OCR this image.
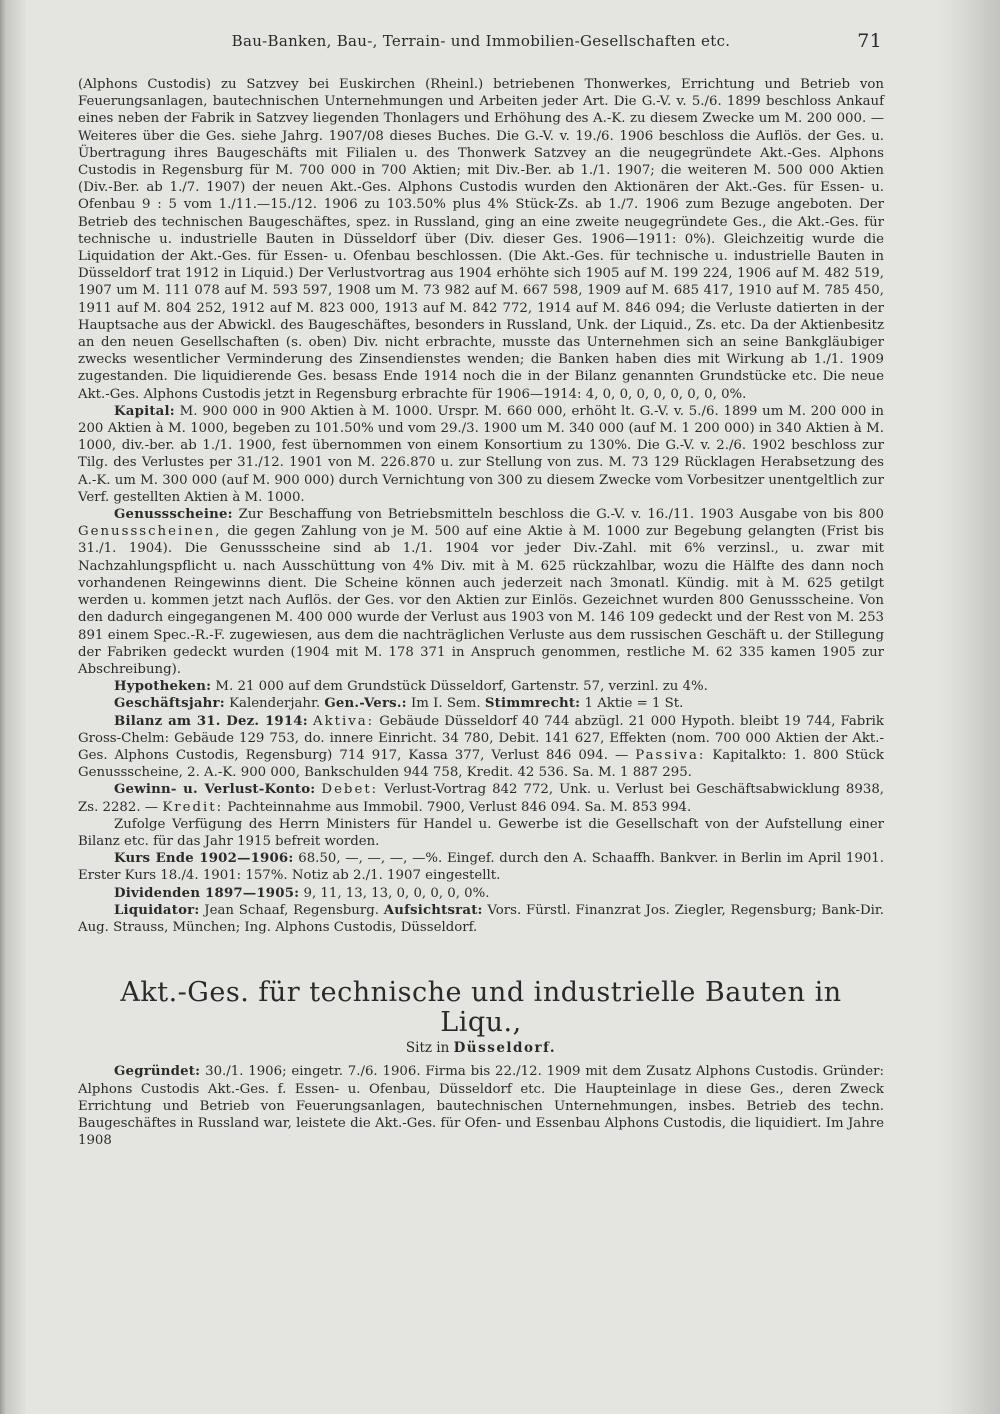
Bau-Banken, Bau-, Terrain- und Immobilien-Gesellschaften etc.	71

(Alphons Custodis) zu Satzvey bei Euskirchen (Rheinl.) betriebenen Thonwerkes, Errichtung und Betrieb von Feuerungsanlagen, bautechnischen Unternehmungen und Arbeiten jeder Art. Die G.-V. v. 5./6. 1899 beschloss Ankauf eines neben der Fabrik in Satzvey liegenden Thonlagers und Erhöhung des A.-K. zu diesem Zwecke um M. 200 000. — Weiteres über die Ges. siehe Jahrg. 1907/08 dieses Buches. Die G.-V. v. 19./6. 1906 beschloss die Auflös. der Ges. u. Übertragung ihres Baugeschäfts mit Filialen u. des Thonwerk Satzvey an die neugegründete Akt.-Ges. Alphons Custodis in Regensburg für M. 700 000 in 700 Aktien; mit Div.-Ber. ab 1./1. 1907; die weiteren M. 500 000 Aktien (Div.-Ber. ab 1./7. 1907) der neuen Akt.-Ges. Alphons Custodis wurden den Aktionären der Akt.-Ges. für Essen- u. Ofenbau 9 : 5 vom 1./11.—15./12. 1906 zu 103.50% plus 4% Stück-Zs. ab 1./7. 1906 zum Bezuge angeboten. Der Betrieb des technischen Baugeschäftes, spez. in Russland, ging an eine zweite neugegründete Ges., die Akt.-Ges. für technische u. industrielle Bauten in Düsseldorf über (Div. dieser Ges. 1906—1911: 0%). Gleichzeitig wurde die Liquidation der Akt.-Ges. für Essen- u. Ofenbau beschlossen. (Die Akt.-Ges. für technische u. industrielle Bauten in Düsseldorf trat 1912 in Liquid.) Der Verlustvortrag aus 1904 erhöhte sich 1905 auf M. 199 224, 1906 auf M. 482 519, 1907 um M. 111 078 auf M. 593 597, 1908 um M. 73 982 auf M. 667 598, 1909 auf M. 685 417, 1910 auf M. 785 450, 1911 auf M. 804 252, 1912 auf M. 823 000, 1913 auf M. 842 772, 1914 auf M. 846 094; die Verluste datierten in der Hauptsache aus der Abwickl. des Baugeschäftes, besonders in Russland, Unk. der Liquid., Zs. etc. Da der Aktienbesitz an den neuen Gesellschaften (s. oben) Div. nicht erbrachte, musste das Unternehmen sich an seine Bankgläubiger zwecks wesentlicher Verminderung des Zinsendienstes wenden; die Banken haben dies mit Wirkung ab 1./1. 1909 zugestanden. Die liquidierende Ges. besass Ende 1914 noch die in der Bilanz genannten Grundstücke etc. Die neue Akt.-Ges. Alphons Custodis jetzt in Regensburg erbrachte für 1906—1914: 4, 0, 0, 0, 0, 0, 0, 0, 0%.

Kapital: M. 900 000 in 900 Aktien à M. 1000. Urspr. M. 660 000, erhöht lt. G.-V. v. 5./6. 1899 um M. 200 000 in 200 Aktien à M. 1000, begeben zu 101.50% und vom 29./3. 1900 um M. 340 000 (auf M. 1 200 000) in 340 Aktien à M. 1000, div.-ber. ab 1./1. 1900, fest übernommen von einem Konsortium zu 130%. Die G.-V. v. 2./6. 1902 beschloss zur Tilg. des Verlustes per 31./12. 1901 von M. 226.870 u. zur Stellung von zus. M. 73 129 Rücklagen Herabsetzung des A.-K. um M. 300 000 (auf M. 900 000) durch Vernichtung von 300 zu diesem Zwecke vom Vorbesitzer unentgeltlich zur Verf. gestellten Aktien à M. 1000.

Genussscheine: Zur Beschaffung von Betriebsmitteln beschloss die G.-V. v. 16./11. 1903 Ausgabe von bis 800 Genussscheinen, die gegen Zahlung von je M. 500 auf eine Aktie à M. 1000 zur Begebung gelangten (Frist bis 31./1. 1904). Die Genussscheine sind ab 1./1. 1904 vor jeder Div.-Zahl. mit 6% verzinsl., u. zwar mit Nachzahlungspflicht u. nach Ausschüttung von 4% Div. mit à M. 625 rückzahlbar, wozu die Hälfte des dann noch vorhandenen Reingewinns dient. Die Scheine können auch jederzeit nach 3monatl. Kündig. mit à M. 625 getilgt werden u. kommen jetzt nach Auflös. der Ges. vor den Aktien zur Einlös. Gezeichnet wurden 800 Genussscheine. Von den dadurch eingegangenen M. 400 000 wurde der Verlust aus 1903 von M. 146 109 gedeckt und der Rest von M. 253 891 einem Spec.-R.-F. zugewiesen, aus dem die nachträglichen Verluste aus dem russischen Geschäft u. der Stillegung der Fabriken gedeckt wurden (1904 mit M. 178 371 in Anspruch genommen, restliche M. 62 335 kamen 1905 zur Abschreibung).

Hypotheken: M. 21 000 auf dem Grundstück Düsseldorf, Gartenstr. 57, verzinl. zu 4%.

Geschäftsjahr: Kalenderjahr. Gen.-Vers.: Im I. Sem. Stimmrecht: 1 Aktie = 1 St.

Bilanz am 31. Dez. 1914: Aktiva: Gebäude Düsseldorf 40 744 abzügl. 21 000 Hypoth. bleibt 19 744, Fabrik Gross-Chelm: Gebäude 129 753, do. innere Einricht. 34 780, Debit. 141 627, Effekten (nom. 700 000 Aktien der Akt.-Ges. Alphons Custodis, Regensburg) 714 917, Kassa 377, Verlust 846 094. — Passiva: Kapitalkto: 1. 800 Stück Genussscheine, 2. A.-K. 900 000, Bankschulden 944 758, Kredit. 42 536. Sa. M. 1 887 295.

Gewinn- u. Verlust-Konto: Debet: Verlust-Vortrag 842 772, Unk. u. Verlust bei Geschäftsabwicklung 8938, Zs. 2282. — Kredit: Pachteinnahme aus Immobil. 7900, Verlust 846 094. Sa. M. 853 994.

Zufolge Verfügung des Herrn Ministers für Handel u. Gewerbe ist die Gesellschaft von der Aufstellung einer Bilanz etc. für das Jahr 1915 befreit worden.

Kurs Ende 1902—1906: 68.50, —, —, —, —%. Eingef. durch den A. Schaaffh. Bankver. in Berlin im April 1901. Erster Kurs 18./4. 1901: 157%. Notiz ab 2./1. 1907 eingestellt.

Dividenden 1897—1905: 9, 11, 13, 13, 0, 0, 0, 0, 0%.

Liquidator: Jean Schaaf, Regensburg. Aufsichtsrat: Vors. Fürstl. Finanzrat Jos. Ziegler, Regensburg; Bank-Dir. Aug. Strauss, München; Ing. Alphons Custodis, Düsseldorf.

Akt.-Ges. für technische und industrielle Bauten in Liqu.,
Sitz in Düsseldorf.

Gegründet: 30./1. 1906; eingetr. 7./6. 1906. Firma bis 22./12. 1909 mit dem Zusatz Alphons Custodis. Gründer: Alphons Custodis Akt.-Ges. f. Essen- u. Ofenbau, Düsseldorf etc. Die Haupteinlage in diese Ges., deren Zweck Errichtung und Betrieb von Feuerungsanlagen, bautechnischen Unternehmungen, insbes. Betrieb des techn. Baugeschäftes in Russland war, leistete die Akt.-Ges. für Ofen- und Essenbau Alphons Custodis, die liquidiert. Im Jahre 1908
